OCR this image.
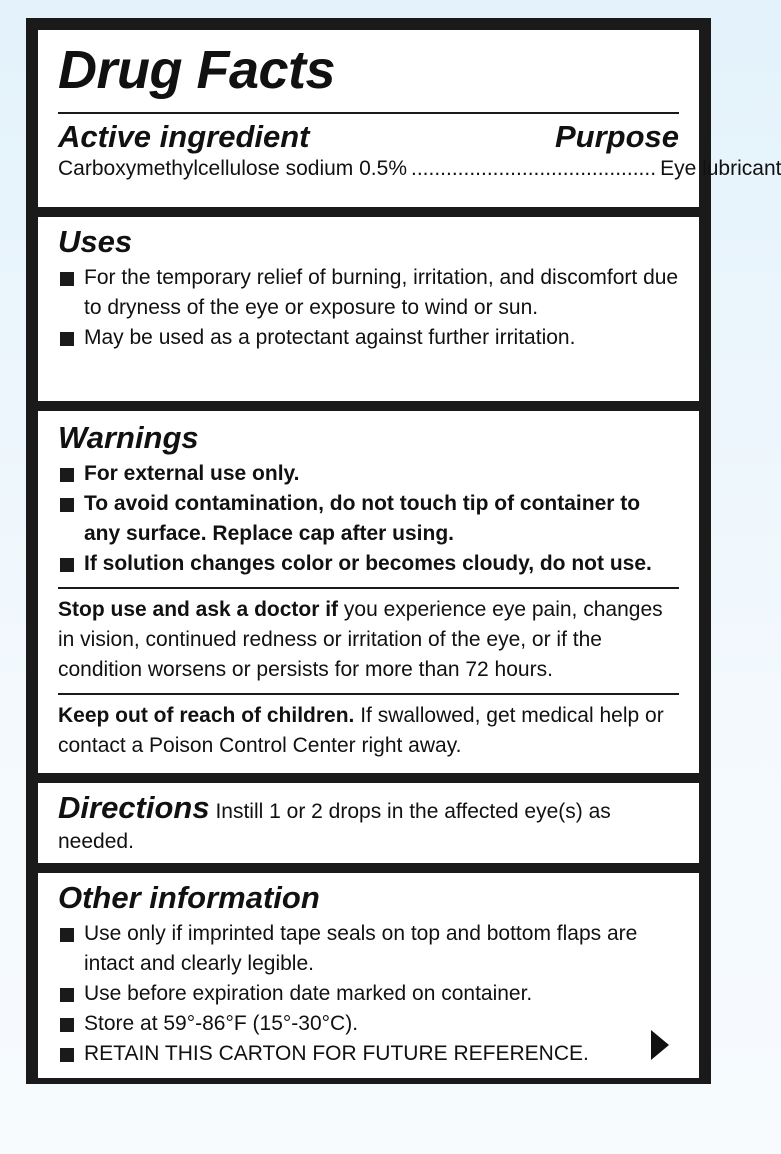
Drug Facts
Active ingredient	Purpose
Carboxymethylcellulose sodium 0.5% .......................................... Eye lubricant
Uses
For the temporary relief of burning, irritation, and discomfort due to dryness of the eye or exposure to wind or sun.
May be used as a protectant against further irritation.
Warnings
For external use only.
To avoid contamination, do not touch tip of container to any surface. Replace cap after using.
If solution changes color or becomes cloudy, do not use.
Stop use and ask a doctor if you experience eye pain, changes in vision, continued redness or irritation of the eye, or if the condition worsens or persists for more than 72 hours.
Keep out of reach of children. If swallowed, get medical help or contact a Poison Control Center right away.
Directions Instill 1 or 2 drops in the affected eye(s) as needed.
Other information
Use only if imprinted tape seals on top and bottom flaps are intact and clearly legible.
Use before expiration date marked on container.
Store at 59°-86°F (15°-30°C).
RETAIN THIS CARTON FOR FUTURE REFERENCE.
